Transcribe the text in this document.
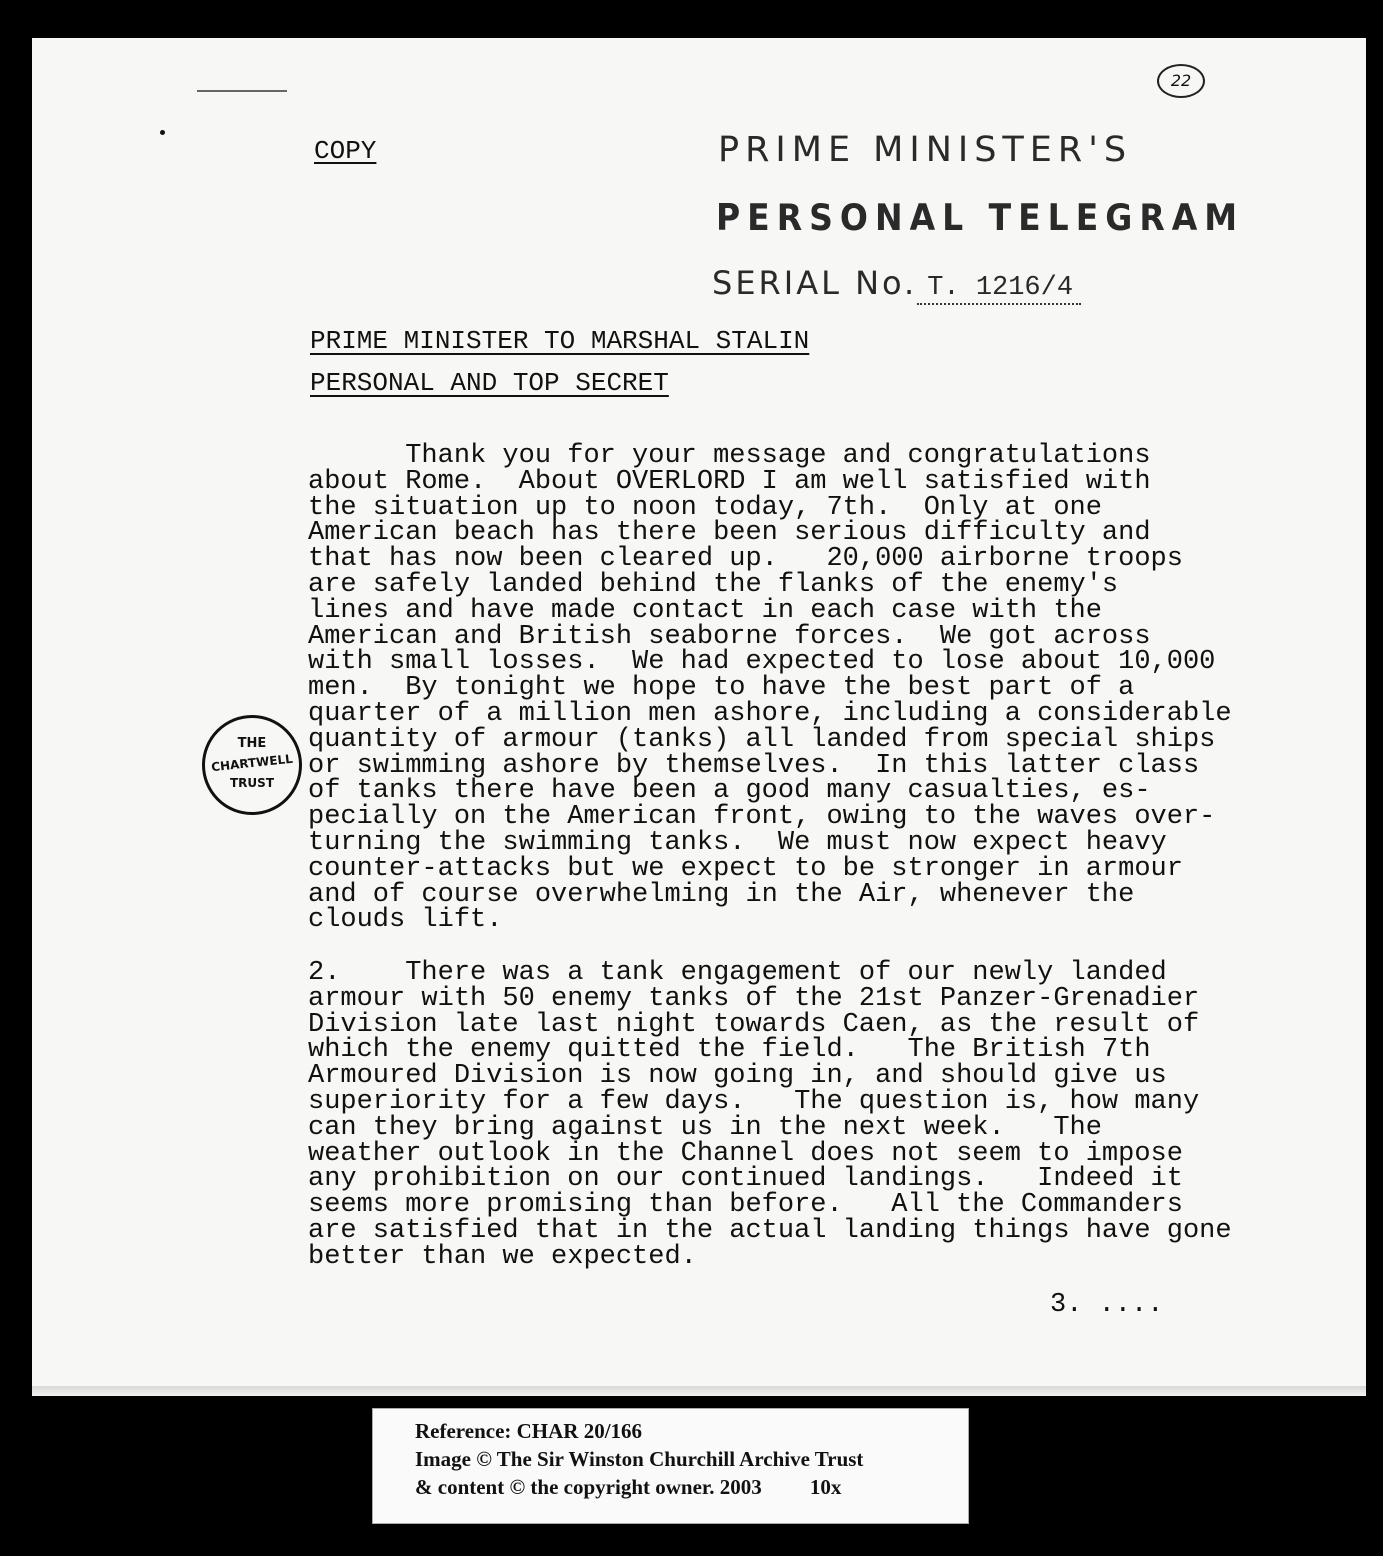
22
COPY	PRIME MINISTER'S
PERSONAL TELEGRAM
SERIAL No. T. 1216/4
PRIME MINISTER TO MARSHAL STALIN
PERSONAL AND TOP SECRET

Thank you for your message and congratulations
about Rome.  About OVERLORD I am well satisfied with
the situation up to noon today, 7th.  Only at one
American beach has there been serious difficulty and
that has now been cleared up.   20,000 airborne troops
are safely landed behind the flanks of the enemy's
lines and have made contact in each case with the
American and British seaborne forces.  We got across
with small losses.  We had expected to lose about 10,000
men.  By tonight we hope to have the best part of a
quarter of a million men ashore, including a considerable
quantity of armour (tanks) all landed from special ships
or swimming ashore by themselves.  In this latter class
of tanks there have been a good many casualties, es-
pecially on the American front, owing to the waves over-
turning the swimming tanks.  We must now expect heavy
counter-attacks but we expect to be stronger in armour
and of course overwhelming in the Air, whenever the
clouds lift.

2.    There was a tank engagement of our newly landed
armour with 50 enemy tanks of the 21st Panzer-Grenadier
Division late last night towards Caen, as the result of
which the enemy quitted the field.   The British 7th
Armoured Division is now going in, and should give us
superiority for a few days.   The question is, how many
can they bring against us in the next week.   The
weather outlook in the Channel does not seem to impose
any prohibition on our continued landings.   Indeed it
seems more promising than before.   All the Commanders
are satisfied that in the actual landing things have gone
better than we expected.

3. ....
THE
CHARTWELL
TRUST
Reference: CHAR 20/166
Image © The Sir Winston Churchill Archive Trust
& content © the copyright owner. 2003 10x
